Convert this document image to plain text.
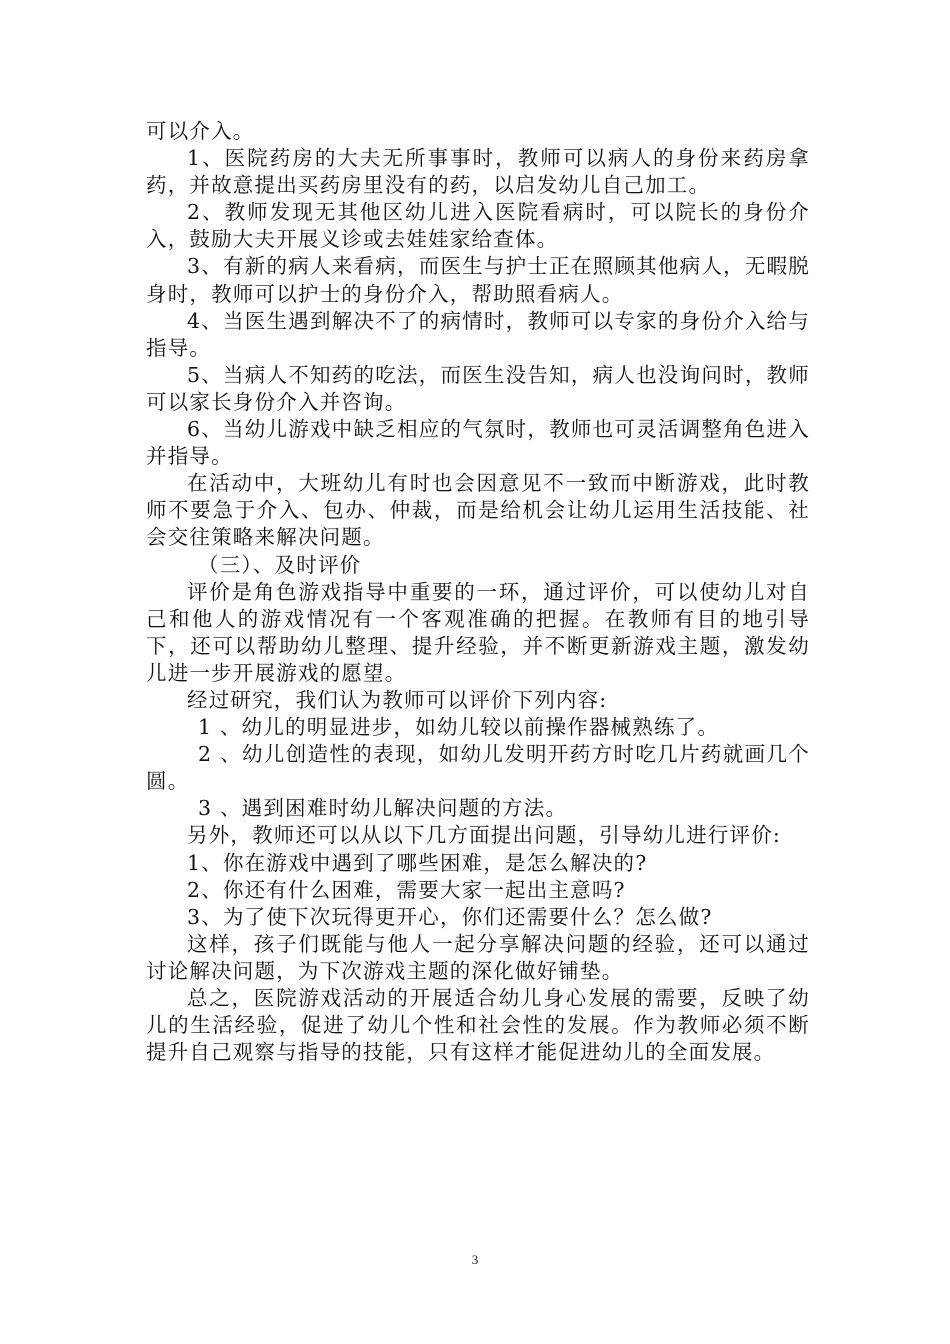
可以介入。

1、医院药房的大夫无所事事时，教师可以病人的身份来药房拿药，并故意提出买药房里没有的药，以启发幼儿自己加工。

2、教师发现无其他区幼儿进入医院看病时，可以院长的身份介入，鼓励大夫开展义诊或去娃娃家给查体。

3、有新的病人来看病，而医生与护士正在照顾其他病人，无暇脱身时，教师可以护士的身份介入，帮助照看病人。

4、当医生遇到解决不了的病情时，教师可以专家的身份介入给与指导。

5、当病人不知药的吃法，而医生没告知，病人也没询问时，教师可以家长身份介入并咨询。

6、当幼儿游戏中缺乏相应的气氛时，教师也可灵活调整角色进入并指导。

在活动中，大班幼儿有时也会因意见不一致而中断游戏，此时教师不要急于介入、包办、仲裁，而是给机会让幼儿运用生活技能、社会交往策略来解决问题。

（三）、及时评价

评价是角色游戏指导中重要的一环，通过评价，可以使幼儿对自己和他人的游戏情况有一个客观准确的把握。在教师有目的地引导下，还可以帮助幼儿整理、提升经验，并不断更新游戏主题，激发幼儿进一步开展游戏的愿望。

经过研究，我们认为教师可以评价下列内容:

1 、幼儿的明显进步，如幼儿较以前操作器械熟练了。

2 、幼儿创造性的表现，如幼儿发明开药方时吃几片药就画几个圆。

3 、遇到困难时幼儿解决问题的方法。

另外，教师还可以从以下几方面提出问题，引导幼儿进行评价:

1、你在游戏中遇到了哪些困难，是怎么解决的?

2、你还有什么困难，需要大家一起出主意吗?

3、为了使下次玩得更开心，你们还需要什么？怎么做?

这样，孩子们既能与他人一起分享解决问题的经验，还可以通过讨论解决问题，为下次游戏主题的深化做好铺垫。

总之，医院游戏活动的开展适合幼儿身心发展的需要，反映了幼儿的生活经验，促进了幼儿个性和社会性的发展。作为教师必须不断提升自己观察与指导的技能，只有这样才能促进幼儿的全面发展。

3
